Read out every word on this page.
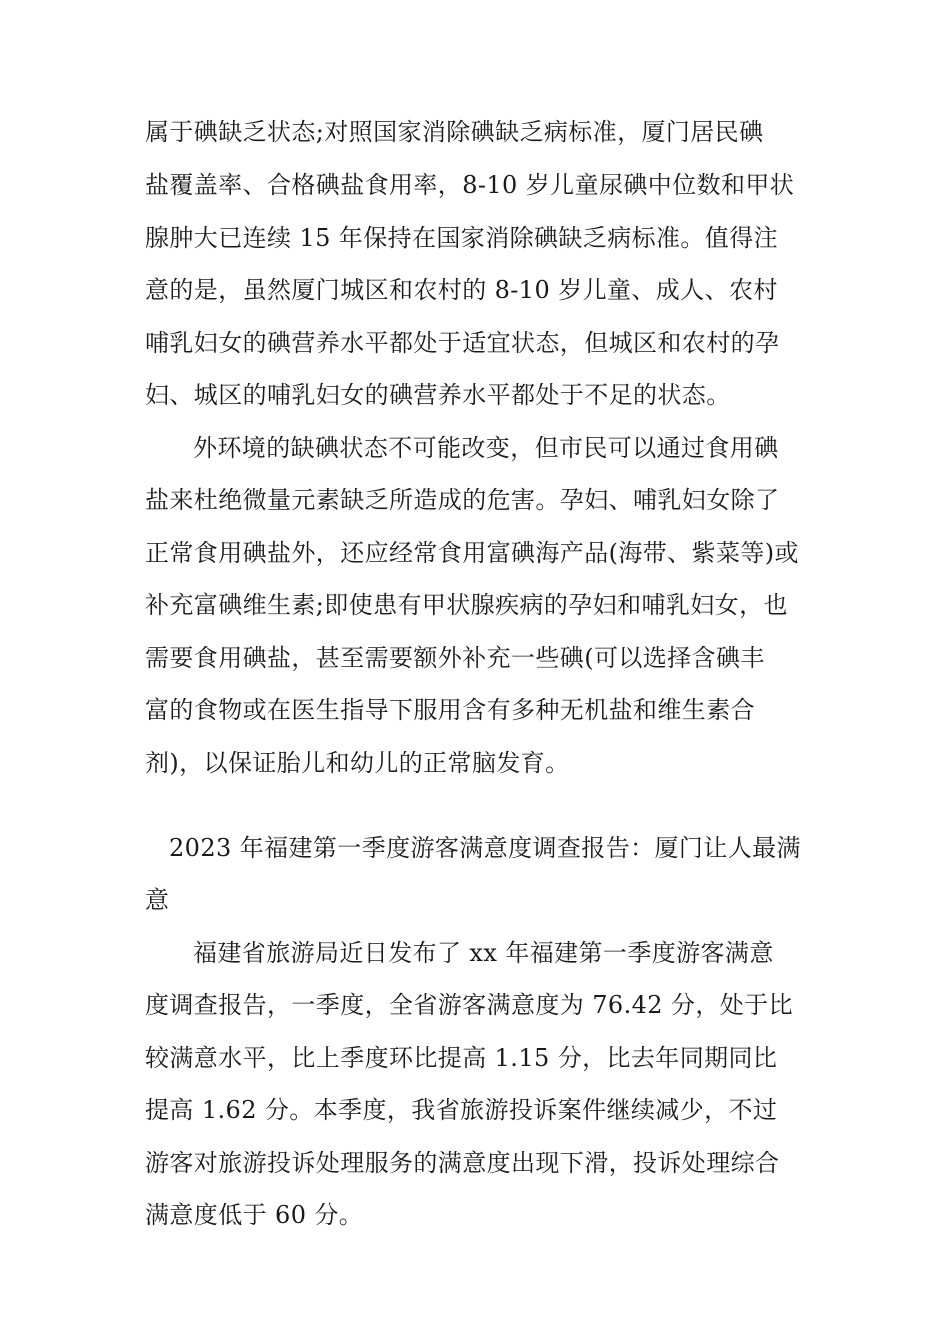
属于碘缺乏状态;对照国家消除碘缺乏病标准，厦门居民碘
盐覆盖率、合格碘盐食用率，8-10 岁儿童尿碘中位数和甲状
腺肿大已连续 15 年保持在国家消除碘缺乏病标准。值得注
意的是，虽然厦门城区和农村的 8-10 岁儿童、成人、农村
哺乳妇女的碘营养水平都处于适宜状态，但城区和农村的孕
妇、城区的哺乳妇女的碘营养水平都处于不足的状态。
外环境的缺碘状态不可能改变，但市民可以通过食用碘
盐来杜绝微量元素缺乏所造成的危害。孕妇、哺乳妇女除了
正常食用碘盐外，还应经常食用富碘海产品(海带、紫菜等)或
补充富碘维生素;即使患有甲状腺疾病的孕妇和哺乳妇女，也
需要食用碘盐，甚至需要额外补充一些碘(可以选择含碘丰
富的食物或在医生指导下服用含有多种无机盐和维生素合
剂)，以保证胎儿和幼儿的正常脑发育。
2023 年福建第一季度游客满意度调查报告：厦门让人最满
意
福建省旅游局近日发布了 xx 年福建第一季度游客满意
度调查报告，一季度，全省游客满意度为 76.42 分，处于比
较满意水平，比上季度环比提高 1.15 分，比去年同期同比
提高 1.62 分。本季度，我省旅游投诉案件继续减少，不过
游客对旅游投诉处理服务的满意度出现下滑，投诉处理综合
满意度低于 60 分。
